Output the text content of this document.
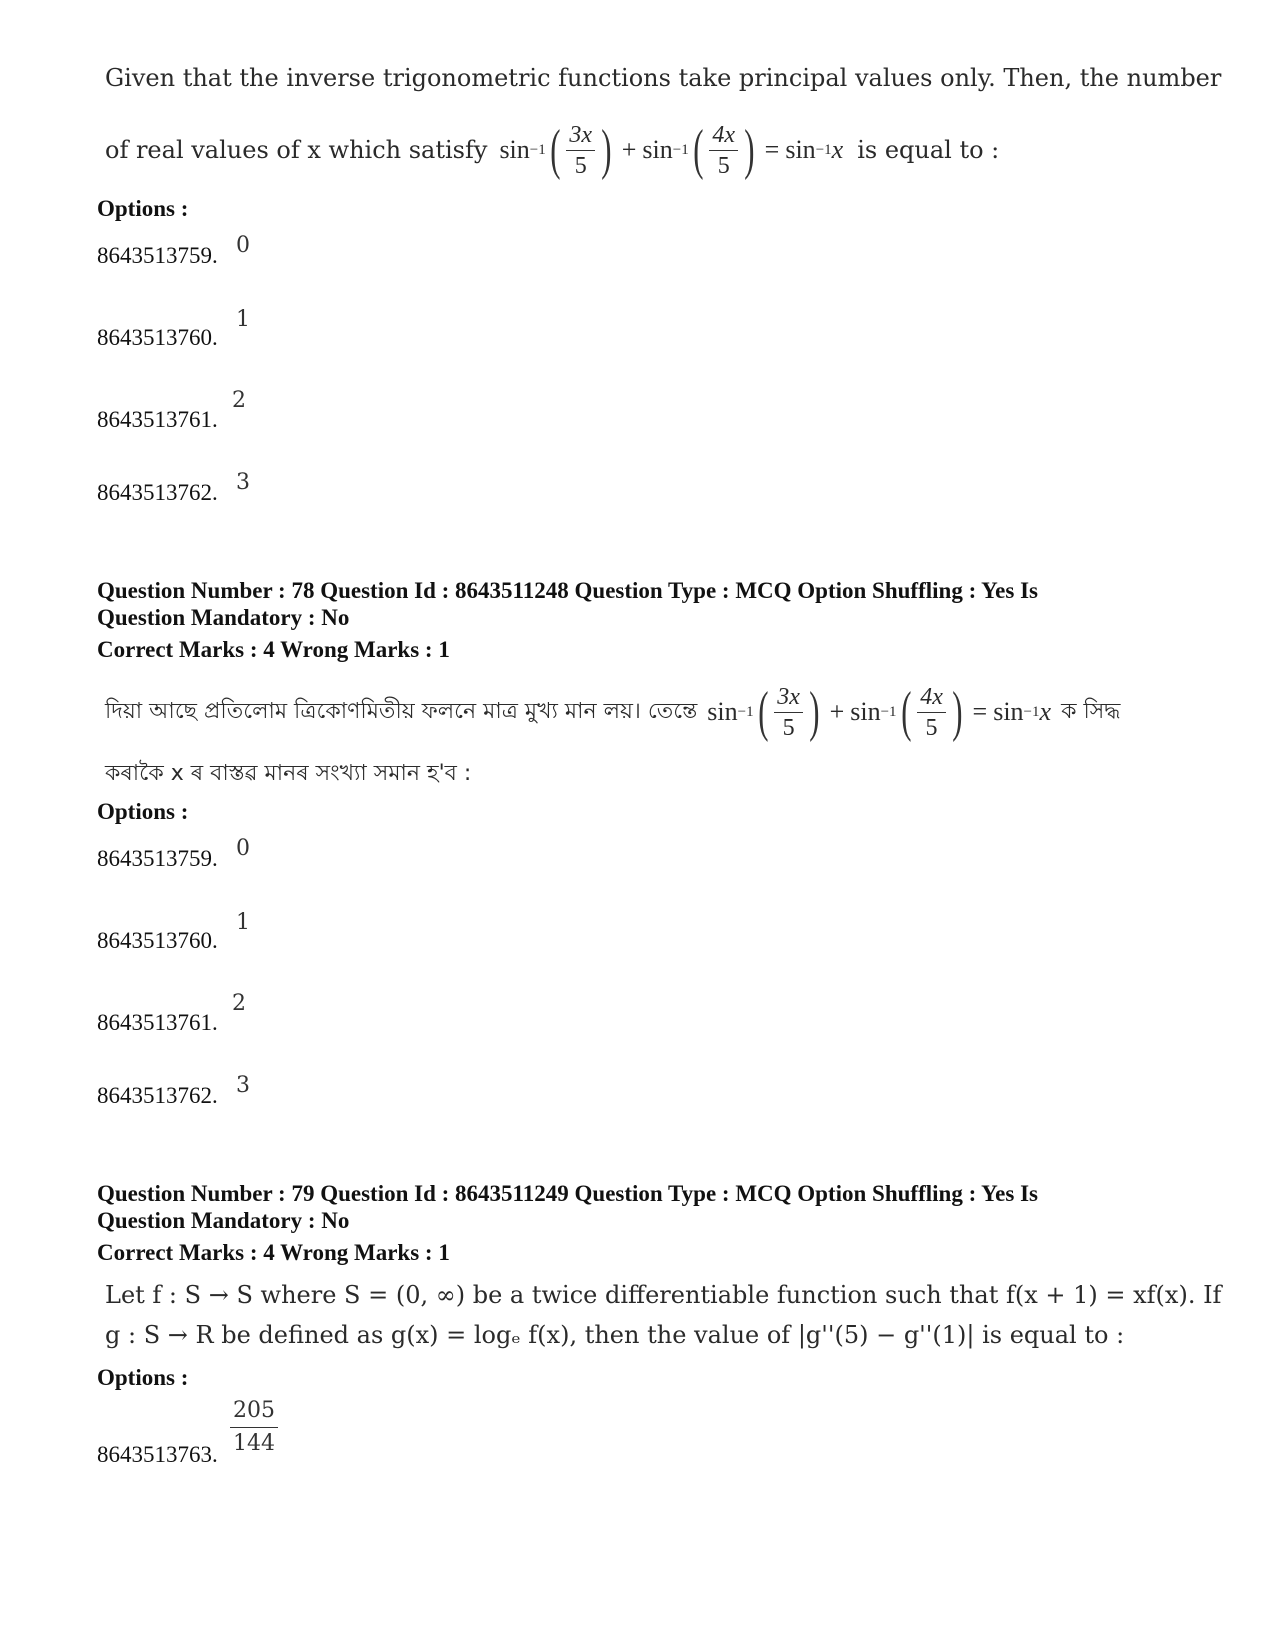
Given that the inverse trigonometric functions take principal values only. Then, the number
of real values of x which satisfy sin −1 ( $\frac{3x}{5}$ ) + sin −1 ( $\frac{4x}{5}$ ) = sin −1 x is equal to :
Options :
8643513759. 0
8643513760.
1
8643513761.
2
8643513762. 3
Question Number : 78 Question Id : 8643511248 Question Type : MCQ Option Shuffling : Yes Is
Question Mandatory : No
Correct Marks : 4 Wrong Marks : 1
দিয়া আছে প্ৰতিলোম ত্ৰিকোণমিতীয় ফলনে মাত্ৰ মুখ্য মান লয়। তেন্তে sin −1 ( $\frac{3x}{5}$ ) + sin −1 ( $\frac{4x}{5}$ ) = sin −1 x ক সিদ্ধ
কৰাকৈ x ৰ বাস্তৱ মানৰ সংখ্যা সমান হ'ব :
Options :
8643513759. 0
8643513760.
1
8643513761.
2
8643513762. 3
Question Number : 79 Question Id : 8643511249 Question Type : MCQ Option Shuffling : Yes Is
Question Mandatory : No
Correct Marks : 4 Wrong Marks : 1
Let f : S → S where S = (0, ∞) be a twice differentiable function such that f(x + 1) = xf(x). If
g : S → R be defined as g(x) = logₑ f(x), then the value of |g''(5) − g''(1)| is equal to :
Options :
8643513763. $\frac{205}{144}$
